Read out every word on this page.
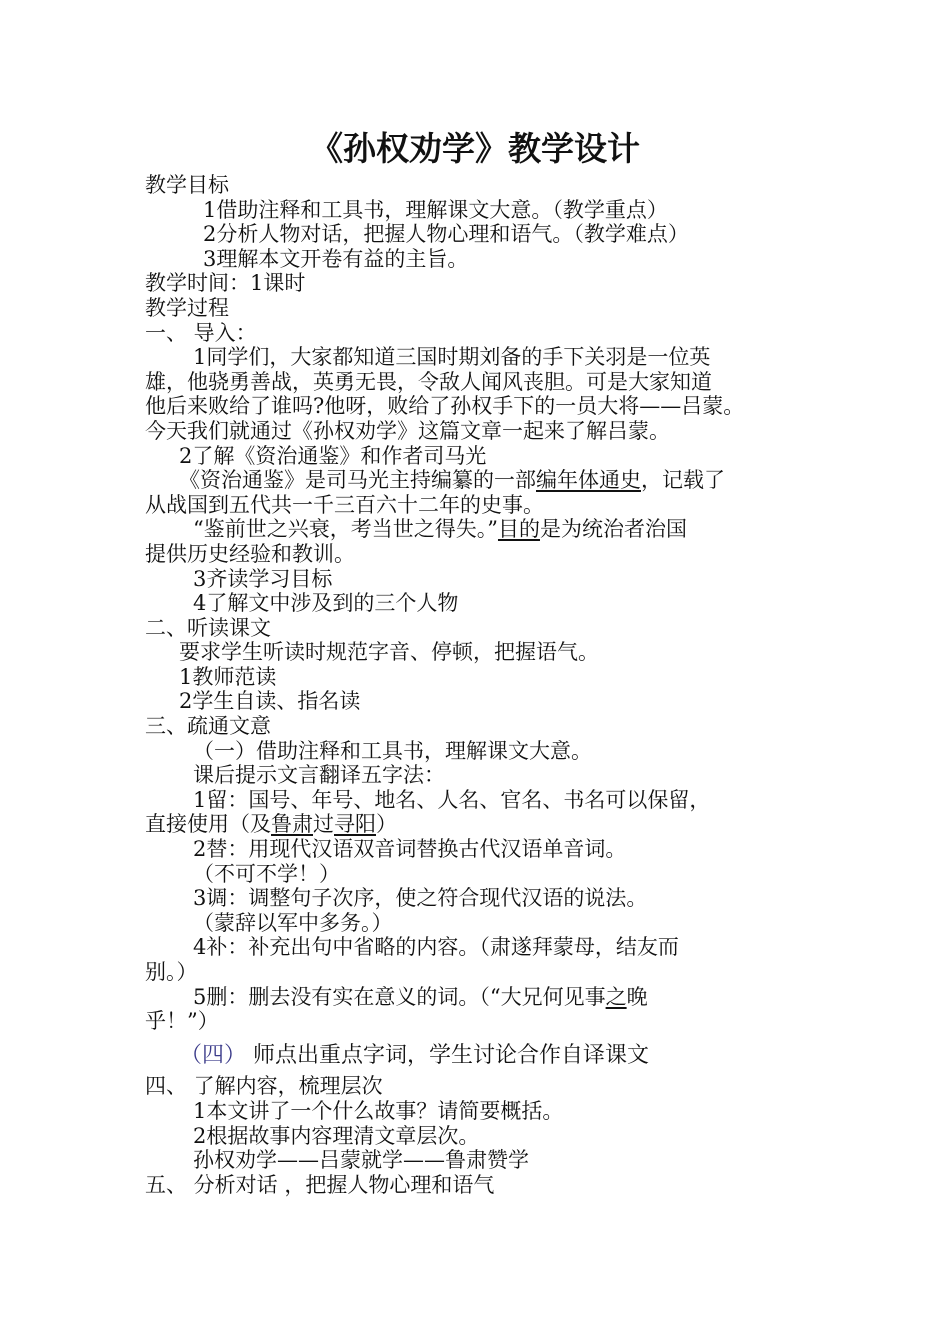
《孙权劝学》教学设计
教学目标
1借助注释和工具书，理解课文大意。（教学重点）
2分析人物对话，把握人物心理和语气。（教学难点）
3理解本文开卷有益的主旨。
教学时间：1课时
教学过程
一、 导入：
1同学们，大家都知道三国时期刘备的手下关羽是一位英
雄，他骁勇善战，英勇无畏，令敌人闻风丧胆。可是大家知道
他后来败给了谁吗?他呀，败给了孙权手下的一员大将——吕蒙。
今天我们就通过《孙权劝学》这篇文章一起来了解吕蒙。
2了解《资治通鉴》和作者司马光
《资治通鉴》是司马光主持编纂的一部编年体通史，记载了
从战国到五代共一千三百六十二年的史事。
“鉴前世之兴衰，考当世之得失。”目的是为统治者治国
提供历史经验和教训。
3齐读学习目标
4了解文中涉及到的三个人物
二、听读课文
要求学生听读时规范字音、停顿，把握语气。
1教师范读
2学生自读、指名读
三、疏通文意
（一）借助注释和工具书，理解课文大意。
课后提示文言翻译五字法：
1留：国号、年号、地名、人名、官名、书名可以保留，
直接使用（及鲁肃过寻阳）
2替：用现代汉语双音词替换古代汉语单音词。
（不可不学！）
3调：调整句子次序，使之符合现代汉语的说法。
（蒙辞以军中多务。）
4补：补充出句中省略的内容。（肃遂拜蒙母，结友而
别。）
5删：删去没有实在意义的词。（“大兄何见事之晚
乎！”）
（四） 师点出重点字词，学生讨论合作自译课文
四、 了解内容，梳理层次
1本文讲了一个什么故事？请简要概括。
2根据故事内容理清文章层次。
孙权劝学——吕蒙就学——鲁肃赞学
五、 分析对话 ，把握人物心理和语气
